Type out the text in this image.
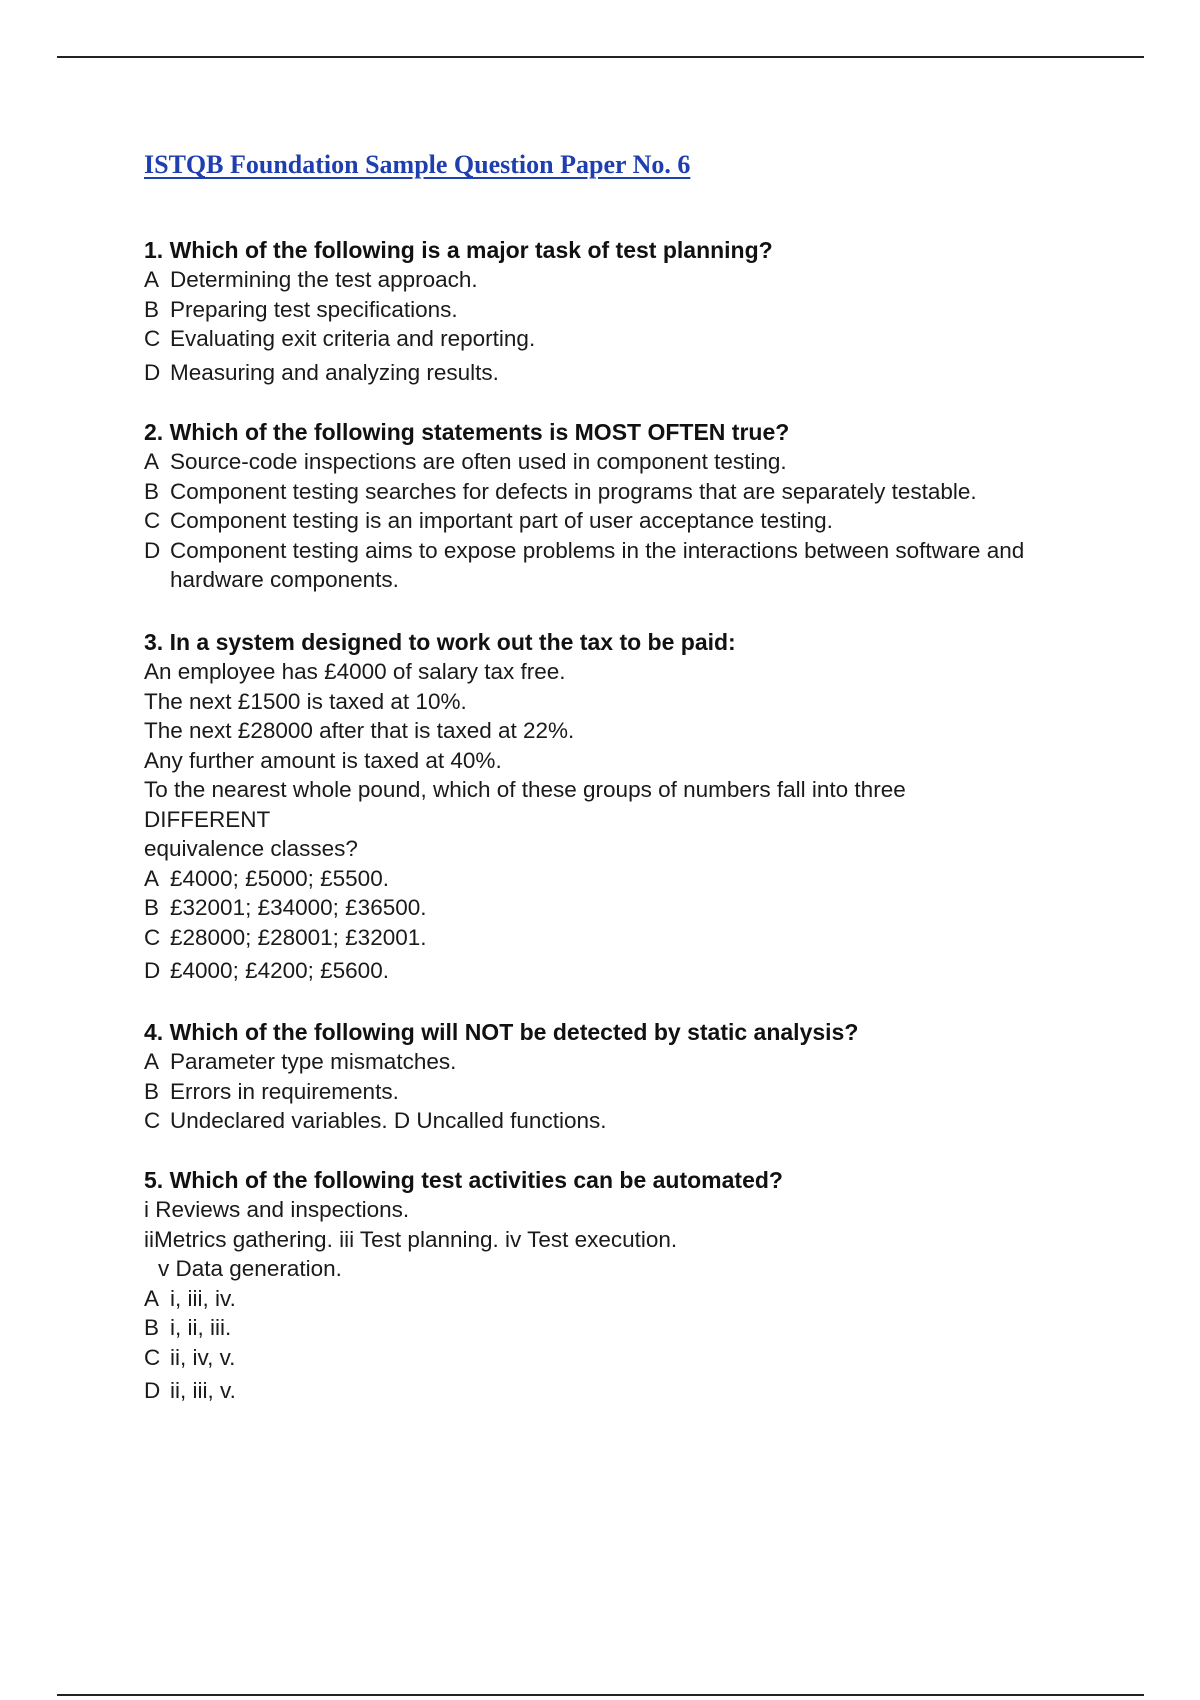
ISTQB Foundation Sample Question Paper No. 6

1. Which of the following is a major task of test planning?

A Determining the test approach.
B Preparing test specifications.
C Evaluating exit criteria and reporting.
D Measuring and analyzing results.

2. Which of the following statements is MOST OFTEN true?

A Source-code inspections are often used in component testing.
B Component testing searches for defects in programs that are separately testable.
C Component testing is an important part of user acceptance testing.
D Component testing aims to expose problems in the interactions between software and hardware components.

3. In a system designed to work out the tax to be paid:

An employee has £4000 of salary tax free.

The next £1500 is taxed at 10%.

The next £28000 after that is taxed at 22%.

Any further amount is taxed at 40%.

To the nearest whole pound, which of these groups of numbers fall into three

DIFFERENT

equivalence classes?

A £4000; £5000; £5500.
B £32001; £34000; £36500.
C £28000; £28001; £32001.
D £4000; £4200; £5600.

4. Which of the following will NOT be detected by static analysis?

A Parameter type mismatches.
B Errors in requirements.
C Undeclared variables. D Uncalled functions.

5. Which of the following test activities can be automated?

i Reviews and inspections.

iiMetrics gathering. iii Test planning. iv Test execution.

v Data generation.

A i, iii, iv.
B i, ii, iii.
C ii, iv, v.
D ii, iii, v.
